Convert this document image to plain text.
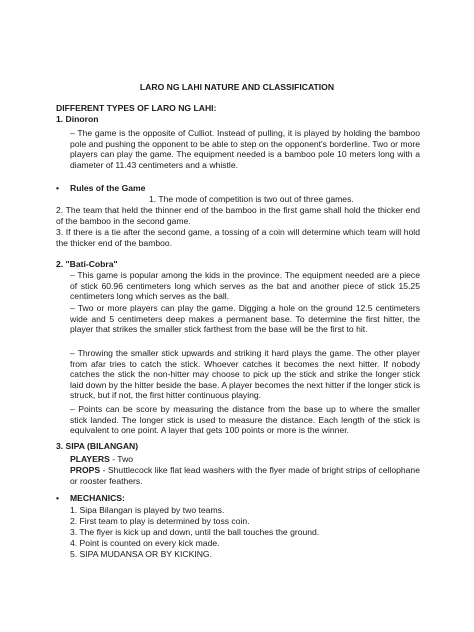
LARO NG LAHI NATURE AND CLASSIFICATION
DIFFERENT TYPES OF LARO NG LAHI:
1. Dinoron
– The game is the opposite of Culliot. Instead of pulling, it is played by holding the bamboo pole and pushing the opponent to be able to step on the opponent's borderline. Two or more players can play the game. The equipment needed is a bamboo pole 10 meters long with a diameter of 11.43 centimeters and a whistle.
• Rules of the Game
1. The mode of competition is two out of three games.
2. The team that held the thinner end of the bamboo in the first game shall hold the thicker end of the bamboo in the second game.
3. If there is a tie after the second game, a tossing of a coin will determine which team will hold the thicker end of the bamboo.
2. "Bati-Cobra"
– This game is popular among the kids in the province. The equipment needed are a piece of stick 60.96 centimeters long which serves as the bat and another piece of stick 15.25 centimeters long which serves as the ball.
– Two or more players can play the game. Digging a hole on the ground 12.5 centimeters wide and 5 centimeters deep makes a permanent base. To determine the first hitter, the player that strikes the smaller stick farthest from the base will be the first to hit.
– Throwing the smaller stick upwards and striking it hard plays the game. The other player from afar tries to catch the stick. Whoever catches it becomes the next hitter. If nobody catches the stick the non-hitter may choose to pick up the stick and strike the longer stick laid down by the hitter beside the base. A player becomes the next hitter if the longer stick is struck, but if not, the first hitter continuous playing.
– Points can be score by measuring the distance from the base up to where the smaller stick landed. The longer stick is used to measure the distance. Each length of the stick is equivalent to one point. A layer that gets 100 points or more is the winner.
3. SIPA (BILANGAN)
PLAYERS - Two
PROPS - Shuttlecock like flat lead washers with the flyer made of bright strips of cellophane or rooster feathers.
• MECHANICS:
1. Sipa Bilangan is played by two teams.
2. First team to play is determined by toss coin.
3. The flyer is kick up and down, until the ball touches the ground.
4. Point is counted on every kick made.
5. SIPA MUDANSA OR BY KICKING.
